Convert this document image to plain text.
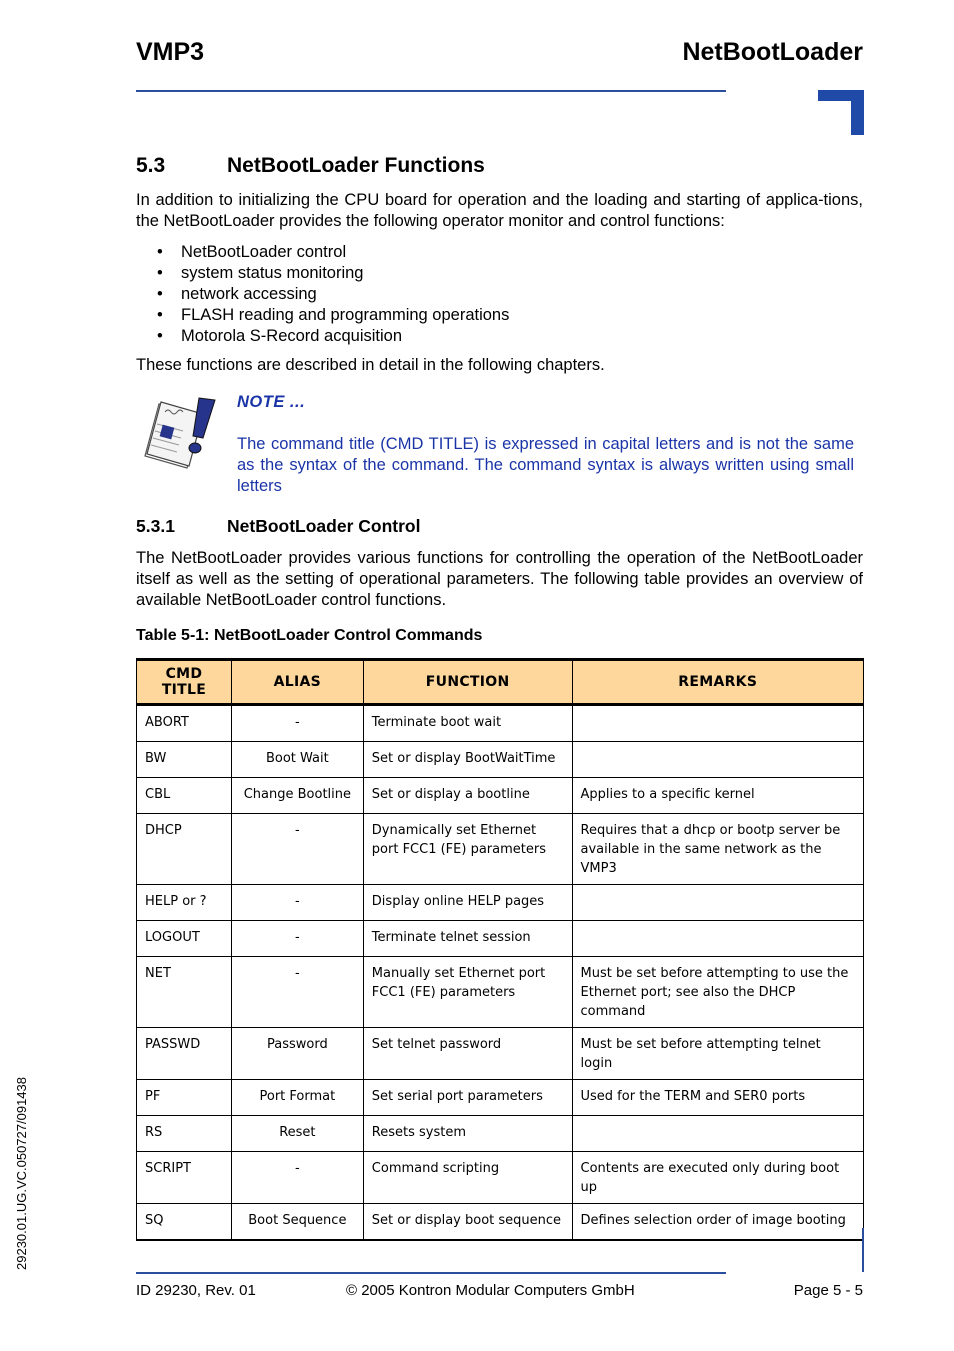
VMP3	NetBootLoader
5.3	NetBootLoader Functions
In addition to initializing the CPU board for operation and the loading and starting of applica-tions, the NetBootLoader provides the following operator monitor and control functions:
• NetBootLoader control
• system status monitoring
• network accessing
• FLASH reading and programming operations
• Motorola S-Record acquisition
These functions are described in detail in the following chapters.
NOTE ...
The command title (CMD TITLE) is expressed in capital letters and is not the same as the syntax of the command. The command syntax is always written using small letters
5.3.1	NetBootLoader Control
The NetBootLoader provides various functions for controlling the operation of the NetBootLoader itself as well as the setting of operational parameters. The following table provides an overview of available NetBootLoader control functions.
Table 5-1: NetBootLoader Control Commands
CMD TITLE	ALIAS	FUNCTION	REMARKS
ABORT	-	Terminate boot wait	
BW	Boot Wait	Set or display BootWaitTime	
CBL	Change Bootline	Set or display a bootline	Applies to a specific kernel
DHCP	-	Dynamically set Ethernet port FCC1 (FE) parameters	Requires that a dhcp or bootp server be available in the same network as the VMP3
HELP or ?	-	Display online HELP pages	
LOGOUT	-	Terminate telnet session	
NET	-	Manually set Ethernet port FCC1 (FE) parameters	Must be set before attempting to use the Ethernet port; see also the DHCP command
PASSWD	Password	Set telnet password	Must be set before attempting telnet login
PF	Port Format	Set serial port parameters	Used for the TERM and SER0 ports
RS	Reset	Resets system	
SCRIPT	-	Command scripting	Contents are executed only during boot up
SQ	Boot Sequence	Set or display boot sequence	Defines selection order of image booting
29230.01.UG.VC.050727/091438
ID 29230, Rev. 01	© 2005 Kontron Modular Computers GmbH	Page 5 - 5
